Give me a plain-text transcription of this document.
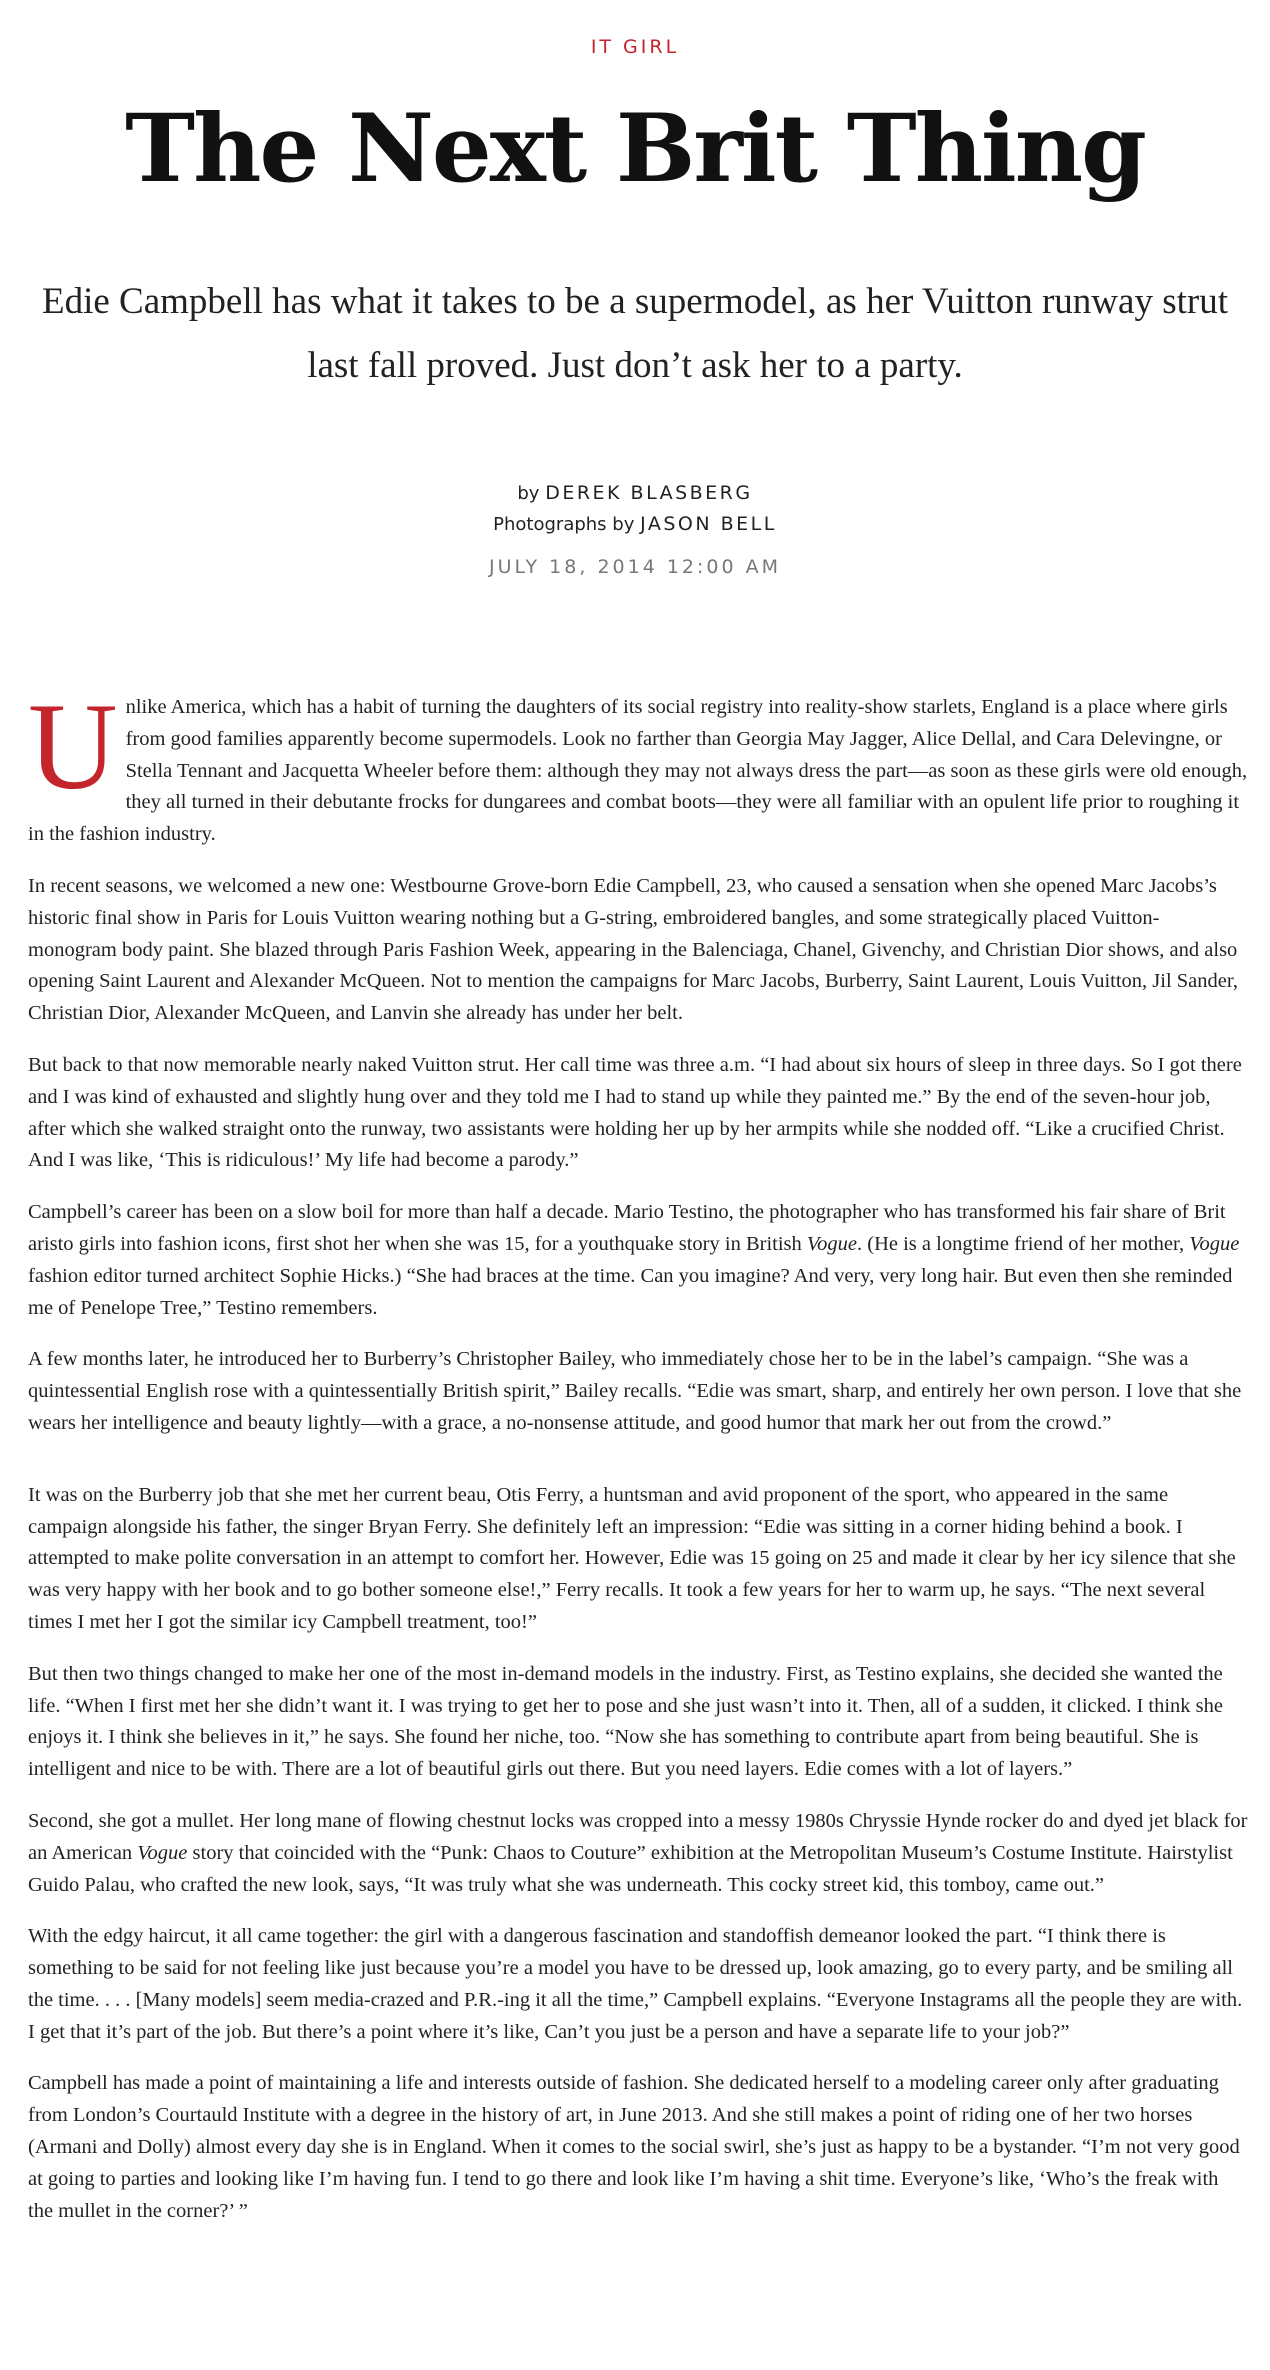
IT GIRL
The Next Brit Thing

Edie Campbell has what it takes to be a supermodel, as her Vuitton runway strut last fall proved. Just don’t ask her to a party.

by DEREK BLASBERG
Photographs by JASON BELL
JULY 18, 2014 12:00 AM

Unlike America, which has a habit of turning the daughters of its social registry into reality-show starlets, England is a place where girls from good families apparently become supermodels. Look no farther than Georgia May Jagger, Alice Dellal, and Cara Delevingne, or Stella Tennant and Jacquetta Wheeler before them: although they may not always dress the part—as soon as these girls were old enough, they all turned in their debutante frocks for dungarees and combat boots—they were all familiar with an opulent life prior to roughing it in the fashion industry.

In recent seasons, we welcomed a new one: Westbourne Grove-born Edie Campbell, 23, who caused a sensation when she opened Marc Jacobs’s historic final show in Paris for Louis Vuitton wearing nothing but a G-string, embroidered bangles, and some strategically placed Vuitton-monogram body paint. She blazed through Paris Fashion Week, appearing in the Balenciaga, Chanel, Givenchy, and Christian Dior shows, and also opening Saint Laurent and Alexander McQueen. Not to mention the campaigns for Marc Jacobs, Burberry, Saint Laurent, Louis Vuitton, Jil Sander, Christian Dior, Alexander McQueen, and Lanvin she already has under her belt.

But back to that now memorable nearly naked Vuitton strut. Her call time was three a.m. “I had about six hours of sleep in three days. So I got there and I was kind of exhausted and slightly hung over and they told me I had to stand up while they painted me.” By the end of the seven-hour job, after which she walked straight onto the runway, two assistants were holding her up by her armpits while she nodded off. “Like a crucified Christ. And I was like, ‘This is ridiculous!’ My life had become a parody.”

Campbell’s career has been on a slow boil for more than half a decade. Mario Testino, the photographer who has transformed his fair share of Brit aristo girls into fashion icons, first shot her when she was 15, for a youthquake story in British Vogue. (He is a longtime friend of her mother, Vogue fashion editor turned architect Sophie Hicks.) “She had braces at the time. Can you imagine? And very, very long hair. But even then she reminded me of Penelope Tree,” Testino remembers.

A few months later, he introduced her to Burberry’s Christopher Bailey, who immediately chose her to be in the label’s campaign. “She was a quintessential English rose with a quintessentially British spirit,” Bailey recalls. “Edie was smart, sharp, and entirely her own person. I love that she wears her intelligence and beauty lightly—with a grace, a no-nonsense attitude, and good humor that mark her out from the crowd.”

It was on the Burberry job that she met her current beau, Otis Ferry, a huntsman and avid proponent of the sport, who appeared in the same campaign alongside his father, the singer Bryan Ferry. She definitely left an impression: “Edie was sitting in a corner hiding behind a book. I attempted to make polite conversation in an attempt to comfort her. However, Edie was 15 going on 25 and made it clear by her icy silence that she was very happy with her book and to go bother someone else!,” Ferry recalls. It took a few years for her to warm up, he says. “The next several times I met her I got the similar icy Campbell treatment, too!”

But then two things changed to make her one of the most in-demand models in the industry. First, as Testino explains, she decided she wanted the life. “When I first met her she didn’t want it. I was trying to get her to pose and she just wasn’t into it. Then, all of a sudden, it clicked. I think she enjoys it. I think she believes in it,” he says. She found her niche, too. “Now she has something to contribute apart from being beautiful. She is intelligent and nice to be with. There are a lot of beautiful girls out there. But you need layers. Edie comes with a lot of layers.”

Second, she got a mullet. Her long mane of flowing chestnut locks was cropped into a messy 1980s Chryssie Hynde rocker do and dyed jet black for an American Vogue story that coincided with the “Punk: Chaos to Couture” exhibition at the Metropolitan Museum’s Costume Institute. Hairstylist Guido Palau, who crafted the new look, says, “It was truly what she was underneath. This cocky street kid, this tomboy, came out.”

With the edgy haircut, it all came together: the girl with a dangerous fascination and standoffish demeanor looked the part. “I think there is something to be said for not feeling like just because you’re a model you have to be dressed up, look amazing, go to every party, and be smiling all the time. . . . [Many models] seem media-crazed and P.R.-ing it all the time,” Campbell explains. “Everyone Instagrams all the people they are with. I get that it’s part of the job. But there’s a point where it’s like, Can’t you just be a person and have a separate life to your job?”

Campbell has made a point of maintaining a life and interests outside of fashion. She dedicated herself to a modeling career only after graduating from London’s Courtauld Institute with a degree in the history of art, in June 2013. And she still makes a point of riding one of her two horses (Armani and Dolly) almost every day she is in England. When it comes to the social swirl, she’s just as happy to be a bystander. “I’m not very good at going to parties and looking like I’m having fun. I tend to go there and look like I’m having a shit time. Everyone’s like, ‘Who’s the freak with the mullet in the corner?’ ”
